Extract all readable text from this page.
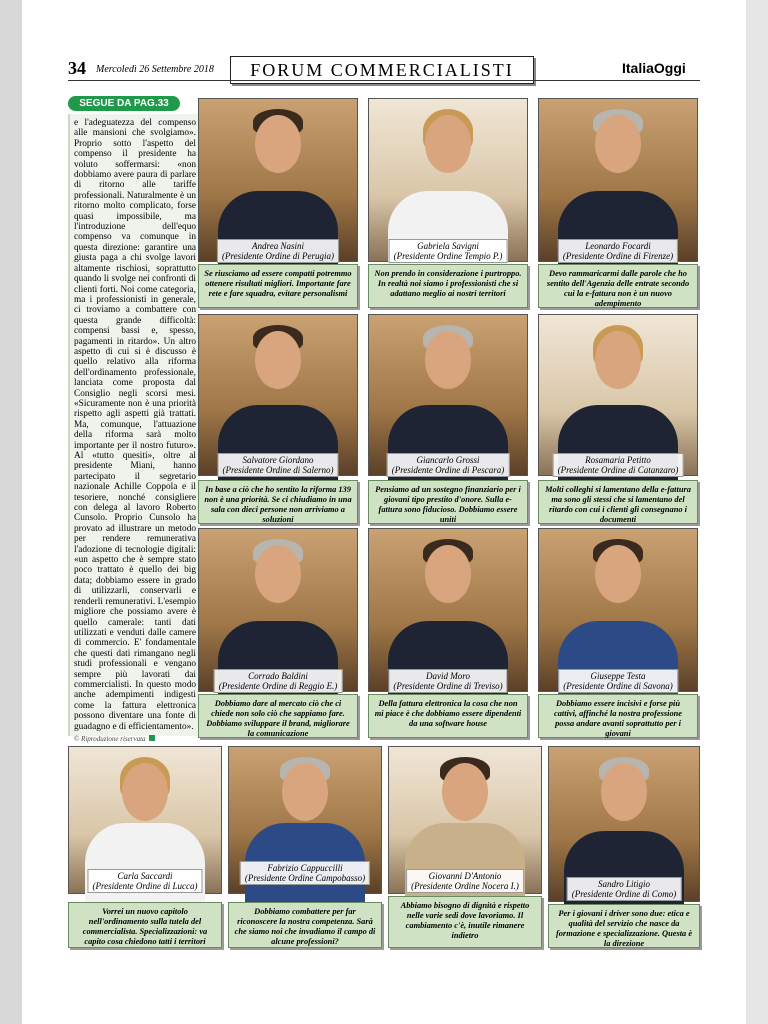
34 Mercoledì 26 Settembre 2018	FORUM COMMERCIALISTI	ItaliaOggi
SEGUE DA PAG.33
e l'adeguatezza del compenso alle mansioni che svolgiamo». Proprio sotto l'aspetto del compenso il presidente ha voluto soffermarsi: «non dobbiamo avere paura di parlare di ritorno alle tariffe professionali. Naturalmente è un ritorno molto complicato, forse quasi impossibile, ma l'introduzione dell'equo compenso va comunque in questa direzione: garantire una giusta paga a chi svolge lavori altamente rischiosi, soprattutto quando li svolge nei confronti di clienti forti. Noi come categoria, ma i professionisti in generale, ci troviamo a combattere con questa grande difficoltà: compensi bassi e, spesso, pagamenti in ritardo». Un altro aspetto di cui si è discusso è quello relativo alla riforma dell'ordinamento professionale, lanciata come proposta dal Consiglio negli scorsi mesi. «Sicuramente non è una priorità rispetto agli aspetti già trattati. Ma, comunque, l'attuazione della riforma sarà molto importante per il nostro futuro». Al «tutto quesiti», oltre al presidente Miani, hanno partecipato il segretario nazionale Achille Coppola e il tesoriere, nonché consigliere con delega al lavoro Roberto Cunsolo. Proprio Cunsolo ha provato ad illustrare un metodo per rendere remunerativa l'adozione di tecnologie digitali: «un aspetto che è sempre stato poco trattato è quello dei big data; dobbiamo essere in grado di utilizzarli, conservarli e renderli remunerativi. L'esempio migliore che possiamo avere è quello camerale: tanti dati utilizzati e venduti dalle camere di commercio. E' fondamentale che questi dati rimangano negli studi professionali e vengano sempre più lavorati dai commercialisti. In questo modo anche adempimenti indigesti come la fattura elettronica possono diventare una fonte di guadagno e di efficientamento».
© Riproduzione riservata
Andrea Nasini
(Presidente Ordine di Perugia)
Se riusciamo ad essere compatti potremmo ottenere risultati migliori. Importante fare rete e fare squadra, evitare personalismi
Gabriela Savigni
(Presidente Ordine Tempio P.)
Non prendo in considerazione i purtroppo. In realtà noi siamo i professionisti che si adattano meglio ai nostri territori
Leonardo Focardi
(Presidente Ordine di Firenze)
Devo rammaricarmi dalle parole che ho sentito dell'Agenzia delle entrate secondo cui la e-fattura non è un nuovo adempimento
Salvatore Giordano
(Presidente Ordine di Salerno)
In base a ciò che ho sentito la riforma 139 non è una priorità. Se ci chiudiamo in una sala con dieci persone non arriviamo a soluzioni
Giancarlo Grossi
(Presidente Ordine di Pescara)
Pensiamo ad un sostegno finanziario per i giovani tipo prestito d'onore. Sulla e-fattura sono fiducioso. Dobbiamo essere uniti
Rosamaria Petitto
(Presidente Ordine di Catanzaro)
Molti colleghi si lamentano della e-fattura ma sono gli stessi che si lamentano del ritardo con cui i clienti gli consegnano i documenti
Corrado Baldini
(Presidente Ordine di Reggio E.)
Dobbiamo dare al mercato ciò che ci chiede non solo ciò che sappiamo fare. Dobbiamo sviluppare il brand, migliorare la comunicazione
David Moro
(Presidente Ordine di Treviso)
Della fattura elettronica la cosa che non mi piace è che dobbiamo essere dipendenti da una software house
Giuseppe Testa
(Presidente Ordine di Savona)
Dobbiamo essere incisivi e forse più cattivi, affinché la nostra professione possa andare avanti soprattutto per i giovani
Carla Saccardi
(Presidente Ordine di Lucca)
Vorrei un nuovo capitolo nell'ordinamento sulla tutela del commercialista. Specializzazioni: va capito cosa chiedono tatti i territori
Fabrizio Cappuccilli
(Presidente Ordine Campobasso)
Dobbiamo combattere per far riconoscere la nostra competenza. Sarà che siamo noi che invadiamo il campo di alcune professioni?
Giovanni D'Antonio
(Presidente Ordine Nocera I.)
Abbiamo bisogno di dignità e rispetto nelle varie sedi dove lavoriamo. Il cambiamento c'è, inutile rimanere indietro
Sandro Litigio
(Presidente Ordine di Como)
Per i giovani i driver sono due: etica e qualità del servizio che nasce da formazione e specializzazione. Questa è la direzione
